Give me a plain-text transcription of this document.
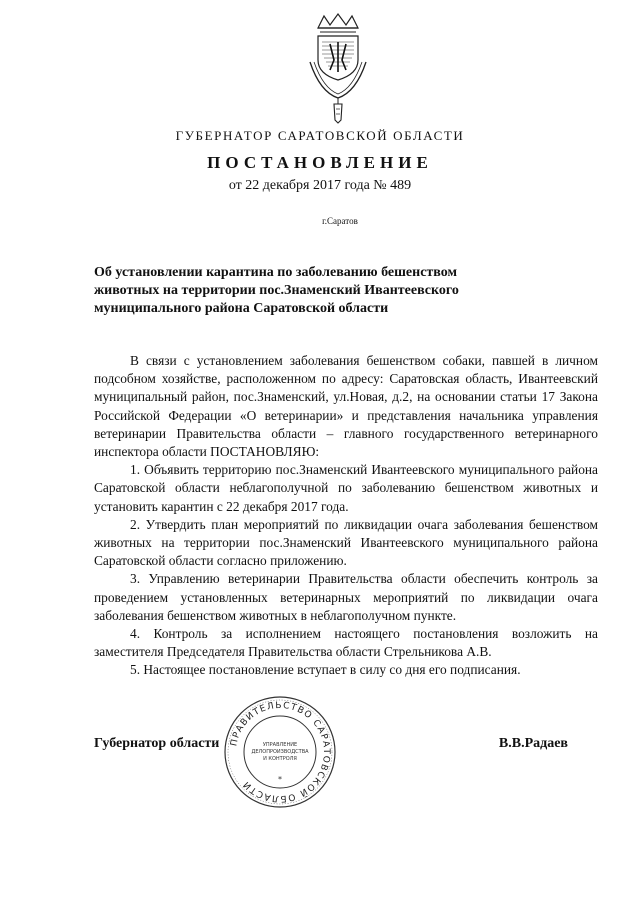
ГУБЕРНАТОР САРАТОВСКОЙ ОБЛАСТИ
ПОСТАНОВЛЕНИЕ
от 22 декабря 2017 года № 489
г.Саратов
Об установлении карантина по заболеванию бешенством
животных на территории пос.Знаменский Ивантеевского
муниципального района Саратовской области

В связи с установлением заболевания бешенством собаки, павшей в личном подсобном хозяйстве, расположенном по адресу: Саратовская область, Ивантеевский муниципальный район, пос.Знаменский, ул.Новая, д.2, на основании статьи 17 Закона Российской Федерации «О ветеринарии» и представления начальника управления ветеринарии Правительства области – главного государственного ветеринарного инспектора области ПОСТАНОВЛЯЮ:

1. Объявить территорию пос.Знаменский Ивантеевского муниципального района Саратовской области неблагополучной по заболеванию бешенством животных и установить карантин с 22 декабря 2017 года.

2. Утвердить план мероприятий по ликвидации очага заболевания бешенством животных на территории пос.Знаменский Ивантеевского муниципального района Саратовской области согласно приложению.

3. Управлению ветеринарии Правительства области обеспечить контроль за проведением установленных ветеринарных мероприятий по ликвидации очага заболевания бешенством животных в неблагополучном пункте.

4. Контроль за исполнением настоящего постановления возложить на заместителя Председателя Правительства области Стрельникова А.В.

5. Настоящее постановление вступает в силу со дня его подписания.

Губернатор области	В.В.Радаев
ПРАВИТЕЛЬСТВО САРАТОВСКОЙ ОБЛАСТИ
УПРАВЛЕНИЕ
ДЕЛОПРОИЗВОДСТВА
И КОНТРОЛЯ
*
